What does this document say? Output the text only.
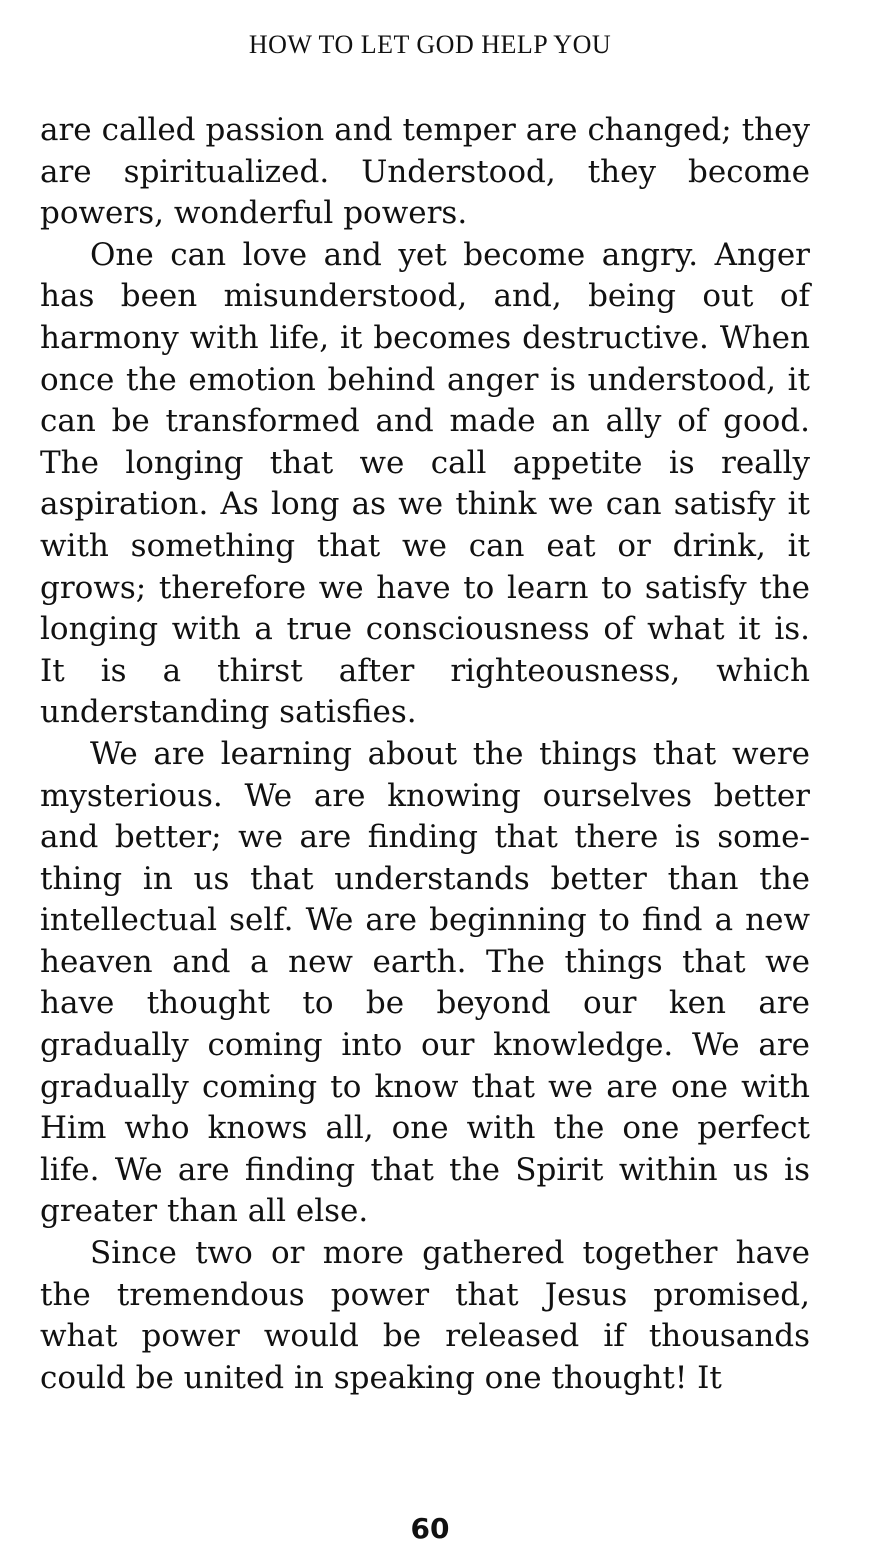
HOW TO LET GOD HELP YOU

are called passion and temper are changed; they are spiritualized. Understood, they become powers, wonderful powers.

One can love and yet become angry. Anger has been misunderstood, and, being out of harmony with life, it becomes destructive. When once the emotion behind anger is understood, it can be transformed and made an ally of good. The longing that we call appetite is really aspiration. As long as we think we can satisfy it with something that we can eat or drink, it grows; therefore we have to learn to satisfy the longing with a true consciousness of what it is. It is a thirst after righteousness, which understanding satisfies.

We are learning about the things that were mysterious. We are knowing ourselves better and better; we are finding that there is some-thing in us that understands better than the intellectual self. We are beginning to find a new heaven and a new earth. The things that we have thought to be beyond our ken are gradually coming into our knowledge. We are gradually coming to know that we are one with Him who knows all, one with the one perfect life. We are finding that the Spirit within us is greater than all else.

Since two or more gathered together have the tremendous power that Jesus promised, what power would be released if thousands could be united in speaking one thought! It

60
